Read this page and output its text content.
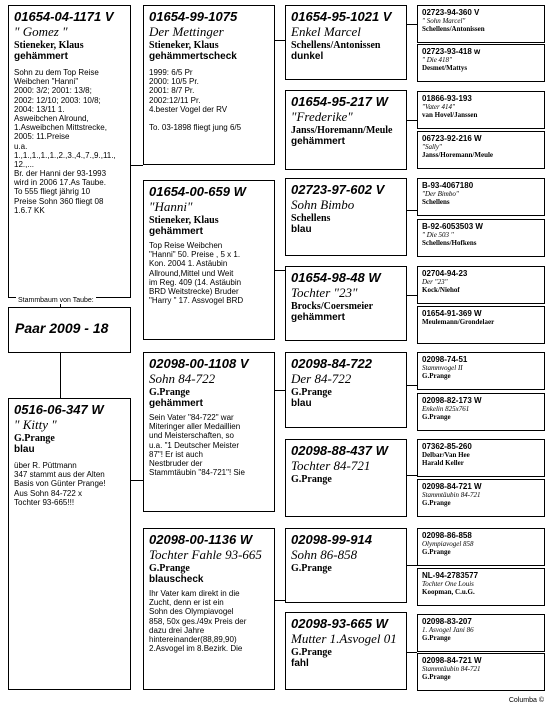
01654-04-1171 V
" Gomez "
Stieneker, Klaus
gehämmert
Sohn zu dem Top Reise Weibchen "Hanni"
2000: 3/2; 2001: 13/8;
2002: 12/10; 2003: 10/8;
2004: 13/11 1.
Asweibchen Alround,
1.Asweibchen Mittstrecke,
2005: 11.Preise
u.a.
1.,1.,1.,1.,1.,2.,3.,4.,7.,9.,11.,
12.,...
Br. der Hanni der 93-1993
wird in 2006 17.As Taube.
To 555 fliegt jährig 10
Preise Sohn 360 fliegt 08
1.6.7 KK
Stammbaum von Taube:
Paar 2009 - 18
0516-06-347 W
" Kitty "
G.Prange
blau
über R. Püttmann
347 stammt aus der Alten
Basis von Günter Prange!
Aus Sohn 84-722 x
Tochter 93-665!!!
01654-99-1075
Der Mettinger
Stieneker, Klaus
gehämmertscheck
1999: 6/5 Pr
2000: 10/5 Pr.
2001: 8/7 Pr.
2002:12/11 Pr.
4.bester Vogel der RV

To. 03-1898 fliegt jung 6/5
01654-00-659 W
"Hanni"
Stieneker, Klaus
gehämmert
Top Reise Weibchen
"Hanni" 50. Preise , 5 x 1.
Kon. 2004 1. Astäubin
Allround,Mittel und Weit
im Reg. 409 (14. Astäubin
BRD Weitstrecke) Bruder
"Harry " 17. Assvogel BRD
02098-00-1108 V
Sohn 84-722
G.Prange
gehämmert
Sein Vater "84-722" war
Miteringer aller Medaillien
und Meisterschaften, so
u.a. "1 Deutscher Meister
87"! Er ist auch
Nestbruder der
Stammtäubin "84-721"! Sie
02098-00-1136 W
Tochter Fahle 93-665
G.Prange
blauscheck
Ihr Vater kam direkt in die
Zucht, denn er ist ein
Sohn des Olympiavogel
858, 50x ges./49x Preis der
dazu drei Jahre
hintereinander(88,89,90)
2.Asvogel im 8.Bezirk. Die
01654-95-1021 V
Enkel Marcel
Schellens/Antonissen
dunkel
01654-95-217 W
"Frederike"
Janss/Horemann/Meule
gehämmert
02723-97-602 V
Sohn Bimbo
Schellens
blau
01654-98-48 W
Tochter "23"
Brocks/Coersmeier
gehämmert
02098-84-722
Der 84-722
G.Prange
blau
02098-88-437 W
Tochter 84-721
G.Prange
02098-99-914
Sohn 86-858
G.Prange
02098-93-665 W
Mutter 1.Asvogel 01
G.Prange
fahl
02723-94-360 V
" Sohn Marcel"
Schellens/Antonissen
02723-93-418 w
" Die 418"
Desmet/Mattys
01866-93-193
"Vater 414"
van Hovel/Janssen
06723-92-216 W
"Sally"
Janss/Horemann/Meule
B-93-4067180
"Der Bimbo"
Schellens
B-92-6053503 W
" Die 503 "
Schellens/Hofkens
02704-94-23
Der "23"
Kock/Niehof
01654-91-369 W
Meulemann/Grondelaer
02098-74-51
Stammvogel II
G.Prange
02098-82-173 W
Enkelin 825x761
G.Prange
07362-85-260
Delbar/Van Hee
Harald Keller
02098-84-721 W
Stammtäubin 84-721
G.Prange
02098-86-858
Olympiavogel 858
G.Prange
NL-94-2783577
Tochter One Louis
Koopman, C.u.G.
02098-83-207
1. Asvogel Jani 86
G.Prange
02098-84-721 W
Stammtäubin 84-721
G.Prange
Columba ©
